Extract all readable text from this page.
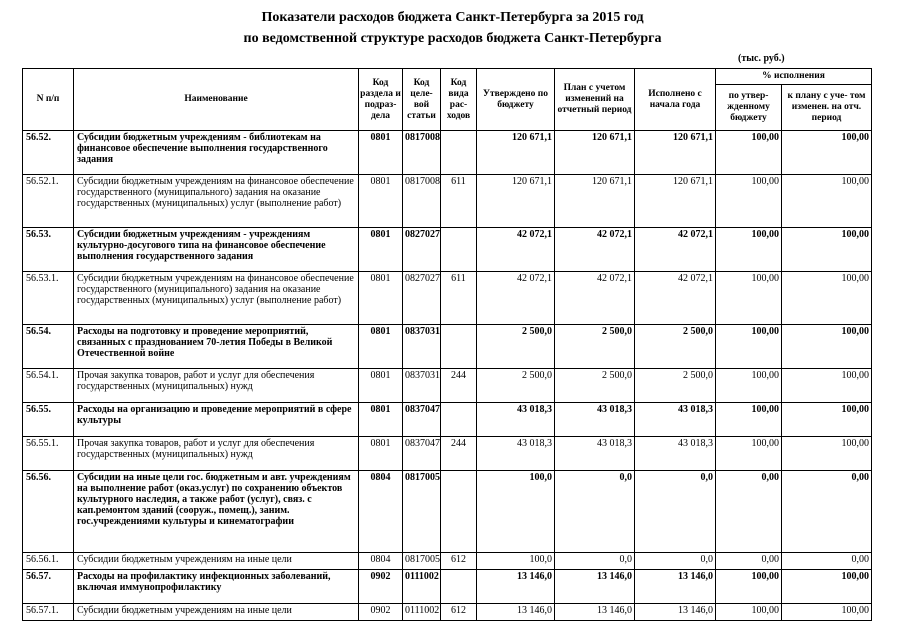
Показатели расходов бюджета Санкт-Петербурга за 2015 год
по ведомственной структуре расходов бюджета Санкт-Петербурга
(тыс. руб.)
N п/п	Наименование	Код раздела и подраз- дела	Код целе- вой статьи	Код вида рас- ходов	Утверждено по бюджету	План с учетом изменений на отчетный период	Исполнено с начала года	% исполнения	
								по утвер- жденному бюджету	к плану с уче- том изменен. на отч. период
56.52.	Субсидии бюджетным учреждениям - библиотекам на финансовое обеспечение выполнения государственного задания	0801	0817008		120 671,1	120 671,1	120 671,1	100,00	100,00
56.52.1.	Субсидии бюджетным учреждениям на финансовое обеспечение государственного (муниципального) задания на оказание государственных (муниципальных) услуг (выполнение работ)	0801	0817008	611	120 671,1	120 671,1	120 671,1	100,00	100,00
56.53.	Субсидии бюджетным учреждениям - учреждениям культурно-досугового типа на финансовое обеспечение выполнения государственного задания	0801	0827027		42 072,1	42 072,1	42 072,1	100,00	100,00
56.53.1.	Субсидии бюджетным учреждениям на финансовое обеспечение государственного (муниципального) задания на оказание государственных (муниципальных) услуг (выполнение работ)	0801	0827027	611	42 072,1	42 072,1	42 072,1	100,00	100,00
56.54.	Расходы на подготовку и проведение мероприятий, связанных с празднованием 70-летия Победы в Великой Отечественной войне	0801	0837031		2 500,0	2 500,0	2 500,0	100,00	100,00
56.54.1.	Прочая закупка товаров, работ и услуг для обеспечения государственных (муниципальных) нужд	0801	0837031	244	2 500,0	2 500,0	2 500,0	100,00	100,00
56.55.	Расходы на организацию и проведение мероприятий в сфере культуры	0801	0837047		43 018,3	43 018,3	43 018,3	100,00	100,00
56.55.1.	Прочая закупка товаров, работ и услуг для обеспечения государственных (муниципальных) нужд	0801	0837047	244	43 018,3	43 018,3	43 018,3	100,00	100,00
56.56.	Субсидии на иные цели гос. бюджетным и авт. учреждениям на выполнение работ (оказ.услуг) по сохранению объектов культурного наследия, а также работ (услуг), связ. с кап.ремонтом зданий (сооруж., помещ.), заним. гос.учреждениями культуры и кинематографии	0804	0817005		100,0	0,0	0,0	0,00	0,00
56.56.1.	Субсидии бюджетным учреждениям на иные цели	0804	0817005	612	100,0	0,0	0,0	0,00	0,00
56.57.	Расходы на профилактику инфекционных заболеваний, включая иммунопрофилактику	0902	0111002		13 146,0	13 146,0	13 146,0	100,00	100,00
56.57.1.	Субсидии бюджетным учреждениям на иные цели	0902	0111002	612	13 146,0	13 146,0	13 146,0	100,00	100,00
